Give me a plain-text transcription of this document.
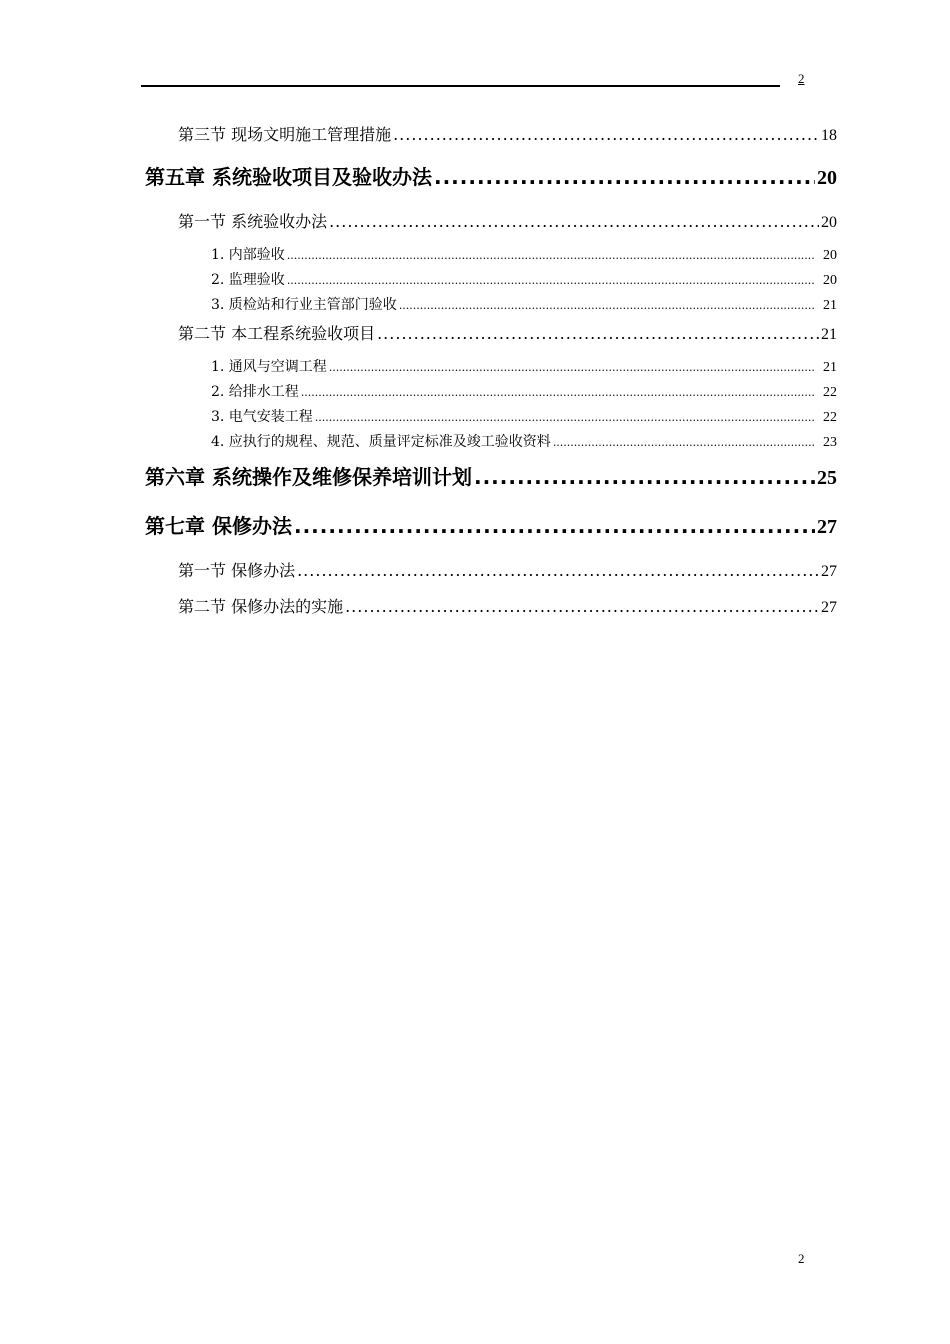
2
第三节 现场文明施工管理措施 .....	18
第五章 系统验收项目及验收办法 .....	20
第一节 系统验收办法 .....	20
1. 内部验收 .....	20
2. 监理验收 .....	20
3. 质检站和行业主管部门验收 .....	21
第二节 本工程系统验收项目 .....	21
1. 通风与空调工程 .....	21
2. 给排水工程 .....	22
3. 电气安装工程 .....	22
4. 应执行的规程、规范、质量评定标准及竣工验收资料 .....	23
第六章 系统操作及维修保养培训计划 .....	25
第七章 保修办法 .....	27
第一节 保修办法 .....	27
第二节 保修办法的实施 .....	27
2
